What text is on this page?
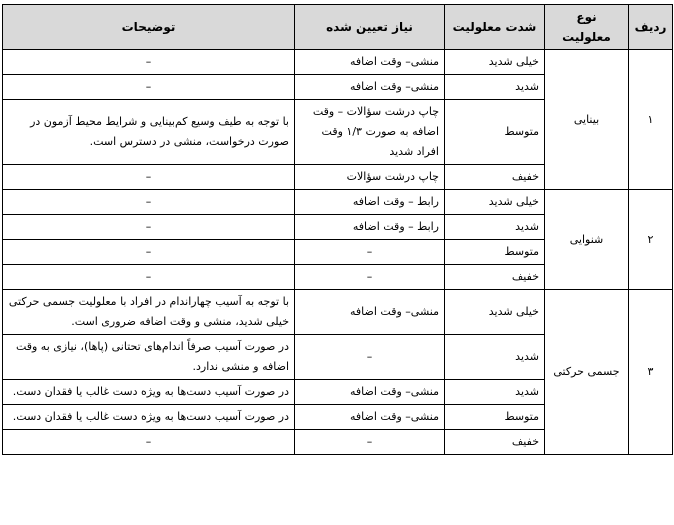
ردیف	نوع معلولیت	شدت معلولیت	نیاز تعیین شده	توضیحات
۱	بینایی	خیلی شدید	منشی– وقت اضافه	–
		شدید	منشی– وقت اضافه	–
		متوسط	چاپ درشت سؤالات – وقت اضافه به صورت ۱/۳ وقت افراد شدید	با توجه به طیف وسیع کم‌بینایی و شرایط محیط آزمون در صورت درخواست، منشی در دسترس است.
		خفیف	چاپ درشت سؤالات	–
۲	شنوایی	خیلی شدید	رابط – وقت اضافه	–
		شدید	رابط – وقت اضافه	–
		متوسط	–	–
		خفیف	–	–
۳	جسمی حرکتی	خیلی شدید	منشی– وقت اضافه	با توجه به آسیب چهاراندام در افراد با معلولیت جسمی حرکتی خیلی شدید، منشی و وقت اضافه ضروری است.
		شدید	–	در صورت آسیب صرفاً اندام‌های تحتانی (پاها)، نیازی به وقت اضافه و منشی ندارد.
		شدید	منشی– وقت اضافه	در صورت آسیب دست‌ها به ویژه دست غالب یا فقدان دست.
		متوسط	منشی– وقت اضافه	در صورت آسیب دست‌ها به ویژه دست غالب یا فقدان دست.
		خفیف	–	–
